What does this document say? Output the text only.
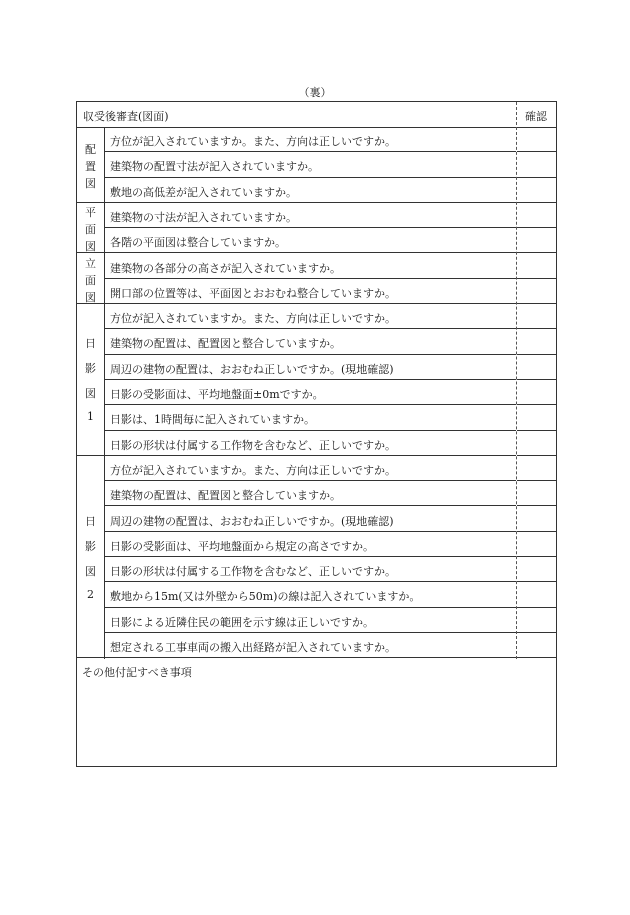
（裏）
収受後審査(図面)	確認
方位が記入されていますか。また、方向は正しいですか。
建築物の配置寸法が記入されていますか。
敷地の高低差が記入されていますか。
配
置
図
建築物の寸法が記入されていますか。
各階の平面図は整合していますか。
平
面
図
建築物の各部分の高さが記入されていますか。
開口部の位置等は、平面図とおおむね整合していますか。
立
面
図
方位が記入されていますか。また、方向は正しいですか。
建築物の配置は、配置図と整合していますか。
周辺の建物の配置は、おおむね正しいですか。(現地確認)
日影の受影面は、平均地盤面±0mですか。
日影は、1時間毎に記入されていますか。
日影の形状は付属する工作物を含むなど、正しいですか。
日
影
図
1
方位が記入されていますか。また、方向は正しいですか。
建築物の配置は、配置図と整合していますか。
周辺の建物の配置は、おおむね正しいですか。(現地確認)
日影の受影面は、平均地盤面から規定の高さですか。
日影の形状は付属する工作物を含むなど、正しいですか。
敷地から15m(又は外壁から50m)の線は記入されていますか。
日影による近隣住民の範囲を示す線は正しいですか。
想定される工事車両の搬入出経路が記入されていますか。
日
影
図
2
その他付記すべき事項
